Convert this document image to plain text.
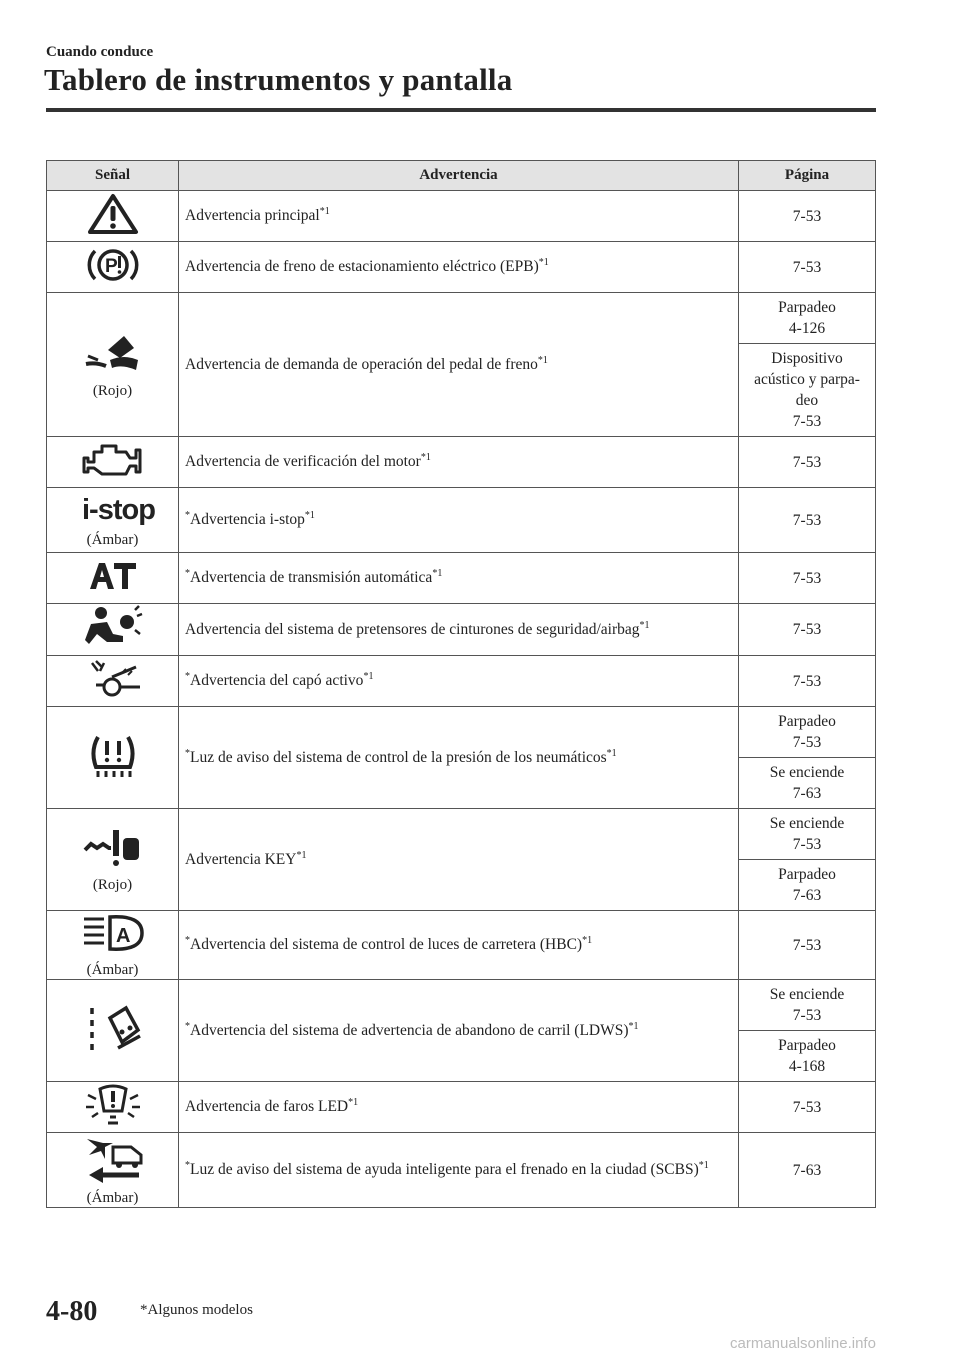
Cuando conduce
Tablero de instrumentos y pantalla
Señal	Advertencia	Página

	Advertencia principal$^{*1}$	7-53

P	Advertencia de freno de estacionamiento eléctrico (EPB)$^{*1}$	7-53

(Rojo)	Advertencia de demanda de operación del pedal de freno$^{*1}$	Parpadeo
4-126
		Dispositivo
acústico y parpa-
deo
7-53

	Advertencia de verificación del motor$^{*1}$	7-53

i-stop
(Ámbar)	*Advertencia i-stop$^{*1}$	7-53

	*Advertencia de transmisión automática$^{*1}$	7-53

	Advertencia del sistema de pretensores de cinturones de seguridad/airbag$^{*1}$	7-53

	*Advertencia del capó activo$^{*1}$	7-53

	*Luz de aviso del sistema de control de la presión de los neumáticos$^{*1}$	Parpadeo
7-53
		Se enciende
7-63

(Rojo)	Advertencia KEY$^{*1}$	Se enciende
7-53
		Parpadeo
7-63

A
(Ámbar)	*Advertencia del sistema de control de luces de carretera (HBC)$^{*1}$	7-53

	*Advertencia del sistema de advertencia de abandono de carril (LDWS)$^{*1}$	Se enciende
7-53
		Parpadeo
4-168

	Advertencia de faros LED$^{*1}$	7-53

(Ámbar)	*Luz de aviso del sistema de ayuda inteligente para el frenado en la ciudad (SCBS)$^{*1}$	7-63
4-80	*Algunos modelos
carmanualsonline.info
